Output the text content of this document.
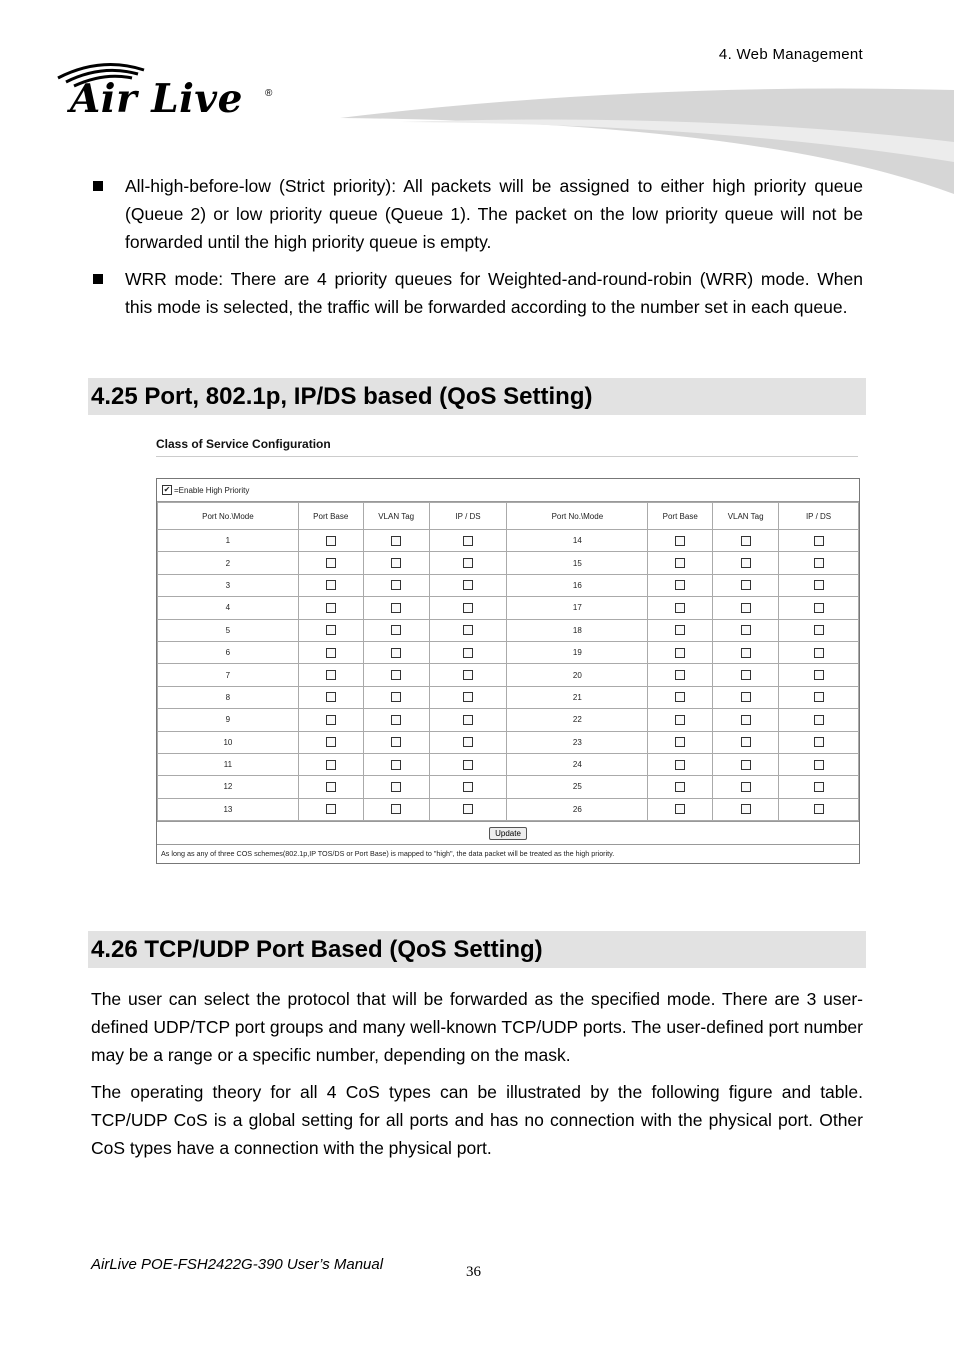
4. Web Management
Air Live ®
All-high-before-low (Strict priority): All packets will be assigned to either high priority queue (Queue 2) or low priority queue (Queue 1). The packet on the low priority queue will not be forwarded until the high priority queue is empty.
WRR mode: There are 4 priority queues for Weighted-and-round-robin (WRR) mode. When this mode is selected, the traffic will be forwarded according to the number set in each queue.
4.25 Port, 802.1p, IP/DS based (QoS Setting)
Class of Service Configuration
✔ =Enable High Priority
Port No.\Mode	Port Base	VLAN Tag	IP / DS	Port No.\Mode	Port Base	VLAN Tag	IP / DS
1				14			
2				15			
3				16			
4				17			
5				18			
6				19			
7				20			
8				21			
9				22			
10				23			
11				24			
12				25			
13				26			
Update
As long as any of three COS schemes(802.1p,IP TOS/DS or Port Base) is mapped to "high", the data packet will be treated as the high priority.
4.26 TCP/UDP Port Based (QoS Setting)
The user can select the protocol that will be forwarded as the specified mode. There are 3 user-defined UDP/TCP port groups and many well-known TCP/UDP ports. The user-defined port number may be a range or a specific number, depending on the mask.
The operating theory for all 4 CoS types can be illustrated by the following figure and table. TCP/UDP CoS is a global setting for all ports and has no connection with the physical port. Other CoS types have a connection with the physical port.
AirLive POE-FSH2422G-390 User’s Manual	36
